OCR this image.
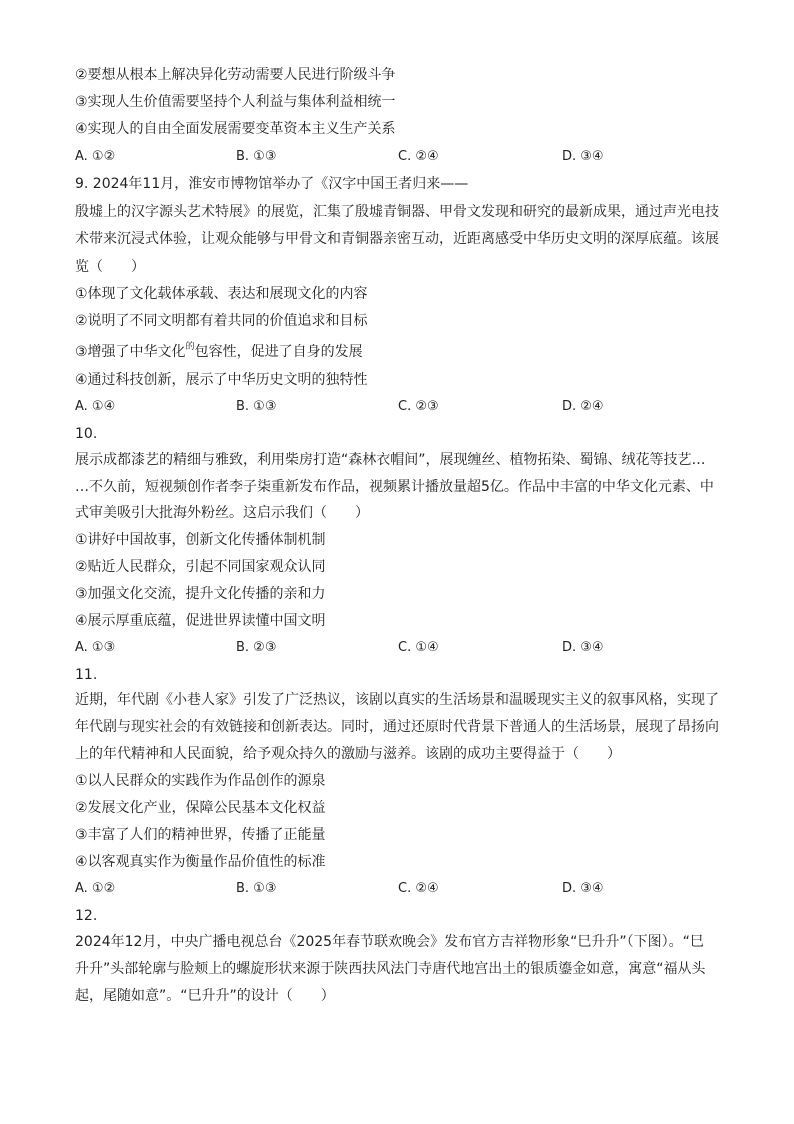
②要想从根本上解决异化劳动需要人民进行阶级斗争
③实现人生价值需要坚持个人利益与集体利益相统一
④实现人的自由全面发展需要变革资本主义生产关系
A. ①②	B. ①③	C. ②④	D. ③④
9. 2024年11月，淮安市博物馆举办了《汉字中国王者归来——
殷墟上的汉字源头艺术特展》的展览，汇集了殷墟青铜器、甲骨文发现和研究的最新成果，通过声光电技
术带来沉浸式体验，让观众能够与甲骨文和青铜器亲密互动，近距离感受中华历史文明的深厚底蕴。该展
览（　　）
①体现了文化载体承载、表达和展现文化的内容
②说明了不同文明都有着共同的价值追求和目标
③增强了中华文化$^的$包容性，促进了自身的发展
④通过科技创新，展示了中华历史文明的独特性
A. ①④	B. ①③	C. ②③	D. ②④
10.
展示成都漆艺的精细与雅致，利用柴房打造“森林衣帽间”，展现缠丝、植物拓染、蜀锦、绒花等技艺…
…不久前，短视频创作者李子柒重新发布作品，视频累计播放量超5亿。作品中丰富的中华文化元素、中
式审美吸引大批海外粉丝。这启示我们（　　）
①讲好中国故事，创新文化传播体制机制
②贴近人民群众，引起不同国家观众认同
③加强文化交流，提升文化传播的亲和力
④展示厚重底蕴，促进世界读懂中国文明
A. ①③	B. ②③	C. ①④	D. ③④
11.
近期，年代剧《小巷人家》引发了广泛热议，该剧以真实的生活场景和温暖现实主义的叙事风格，实现了
年代剧与现实社会的有效链接和创新表达。同时，通过还原时代背景下普通人的生活场景，展现了昂扬向
上的年代精神和人民面貌，给予观众持久的激励与滋养。该剧的成功主要得益于（　　）
①以人民群众的实践作为作品创作的源泉
②发展文化产业，保障公民基本文化权益
③丰富了人们的精神世界，传播了正能量
④以客观真实作为衡量作品价值性的标准
A. ①②	B. ①③	C. ②④	D. ③④
12.
2024年12月，中央广播电视总台《2025年春节联欢晚会》发布官方吉祥物形象“巳升升”（下图）。“巳
升升”头部轮廓与脸颊上的螺旋形状来源于陕西扶风法门寺唐代地宫出土的银质鎏金如意，寓意“福从头
起，尾随如意”。“巳升升”的设计（　　）
